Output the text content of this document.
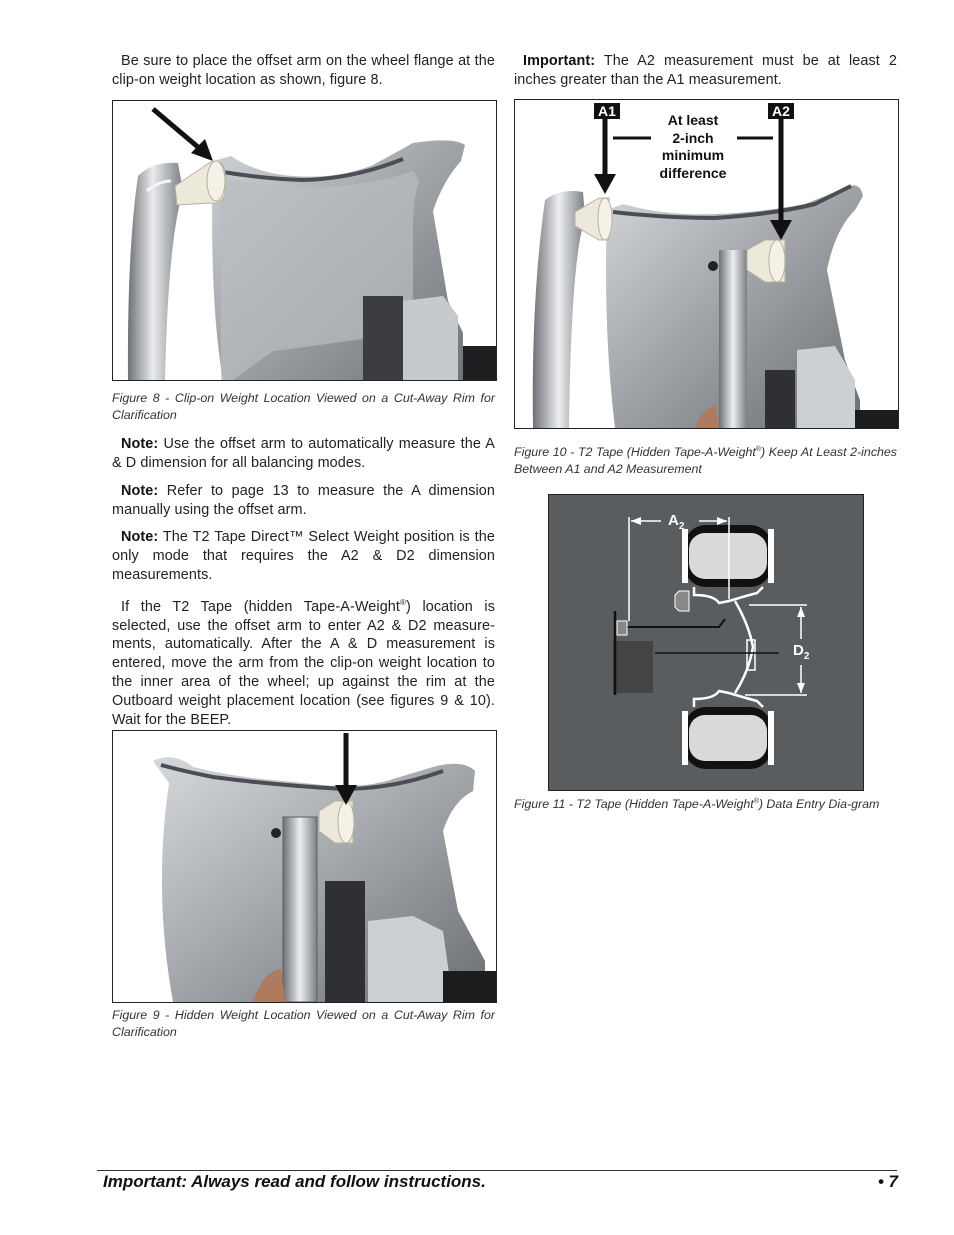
Be sure to place the offset arm on the wheel flange at the clip-on weight location as shown, figure 8.

Figure 8 - Clip-on Weight Location Viewed on a Cut-Away Rim for Clarification

Note: Use the offset arm to automatically measure the A & D dimension for all balancing modes.

Note: Refer to page 13 to measure the A dimension manually using the offset arm.

Note: The T2 Tape Direct™ Select Weight position is the only mode that requires the A2 & D2 dimension measurements.

If the T2 Tape (hidden Tape-A-Weight®) location is selected, use the offset arm to enter A2 & D2 measure-ments, automatically. After the A & D measurement is entered, move the arm from the clip-on weight location to the inner area of the wheel; up against the rim at the Outboard weight placement location (see figures 9 & 10). Wait for the BEEP.

Figure 9 - Hidden Weight Location Viewed on a Cut-Away Rim for Clarification

Important: The A2 measurement must be at least 2 inches greater than the A1 measurement.

A1	A2
At least
2-inch
minimum
difference

Figure 10 - T2 Tape (Hidden Tape-A-Weight®) Keep At Least 2-inches Between A1 and A2 Measurement

$A_2$
$D_2$

Figure 11 - T2 Tape (Hidden Tape-A-Weight®) Data Entry Dia-gram

Important: Always read and follow instructions.	• 7
